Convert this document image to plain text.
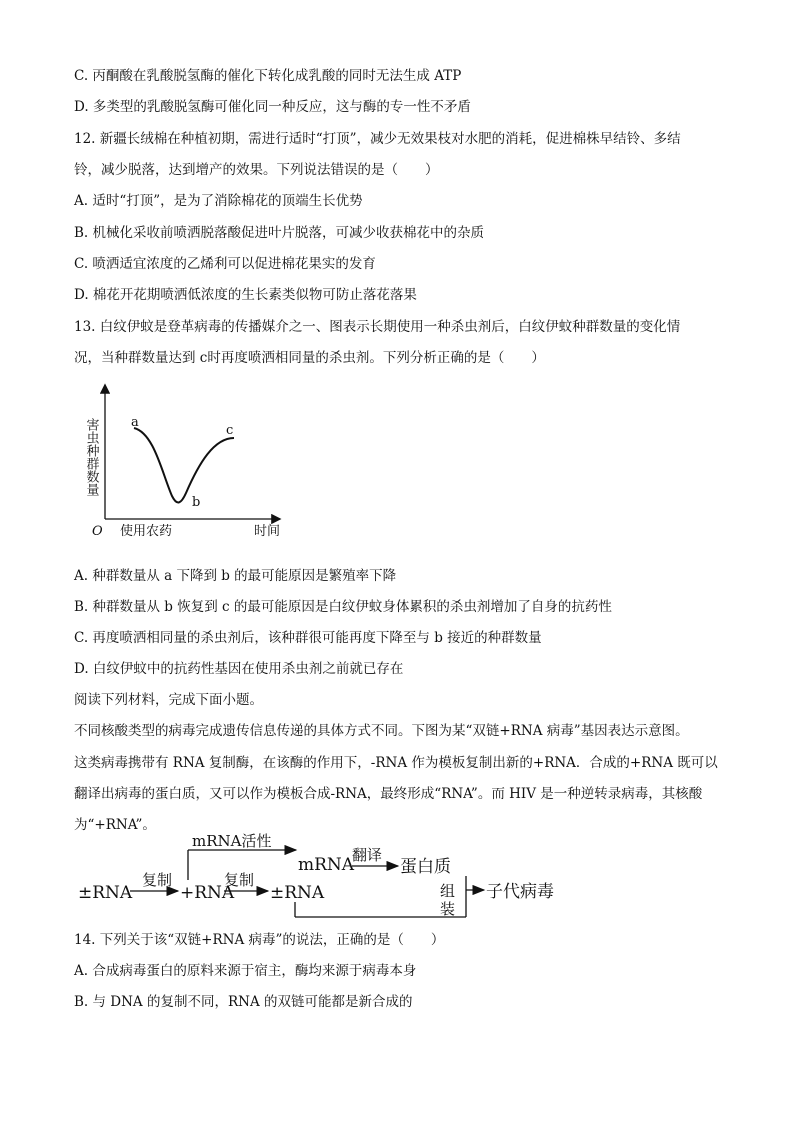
C. 丙酮酸在乳酸脱氢酶的催化下转化成乳酸的同时无法生成 ATP
D. 多类型的乳酸脱氢酶可催化同一种反应，这与酶的专一性不矛盾
12. 新疆长绒棉在种植初期，需进行适时“打顶”，减少无效果枝对水肥的消耗，促进棉株早结铃、多结
铃，减少脱落，达到增产的效果。下列说法错误的是（　　）
A. 适时“打顶”，是为了消除棉花的顶端生长优势
B. 机械化采收前喷洒脱落酸促进叶片脱落，可减少收获棉花中的杂质
C. 喷洒适宜浓度的乙烯利可以促进棉花果实的发育
D. 棉花开花期喷洒低浓度的生长素类似物可防止落花落果
13. 白纹伊蚊是登革病毒的传播媒介之一、图表示长期使用一种杀虫剂后，白纹伊蚊种群数量的变化情
况，当种群数量达到 c时再度喷洒相同量的杀虫剂。下列分析正确的是（　　）
害虫种群数量
O 使用农药	时间
a
b
c
A. 种群数量从 a 下降到 b 的最可能原因是繁殖率下降
B. 种群数量从 b 恢复到 c 的最可能原因是白纹伊蚊身体累积的杀虫剂增加了自身的抗药性
C. 再度喷洒相同量的杀虫剂后，该种群很可能再度下降至与 b 接近的种群数量
D. 白纹伊蚊中的抗药性基因在使用杀虫剂之前就已存在
阅读下列材料，完成下面小题。
不同核酸类型的病毒完成遗传信息传递的具体方式不同。下图为某“双链+RNA 病毒”基因表达示意图。
这类病毒携带有 RNA 复制酶，在该酶的作用下，-RNA 作为模板复制出新的+RNA．合成的+RNA 既可以
翻译出病毒的蛋白质，又可以作为模板合成-RNA，最终形成“RNA”。而 HIV 是一种逆转录病毒，其核酸
为“+RNA”。
±RNA
复制
+RNA
复制
±RNA
mRNA活性
mRNA
翻译
蛋白质
组
装
子代病毒
14. 下列关于该“双链+RNA 病毒”的说法，正确的是（　　）
A. 合成病毒蛋白的原料来源于宿主，酶均来源于病毒本身
B. 与 DNA 的复制不同，RNA 的双链可能都是新合成的
